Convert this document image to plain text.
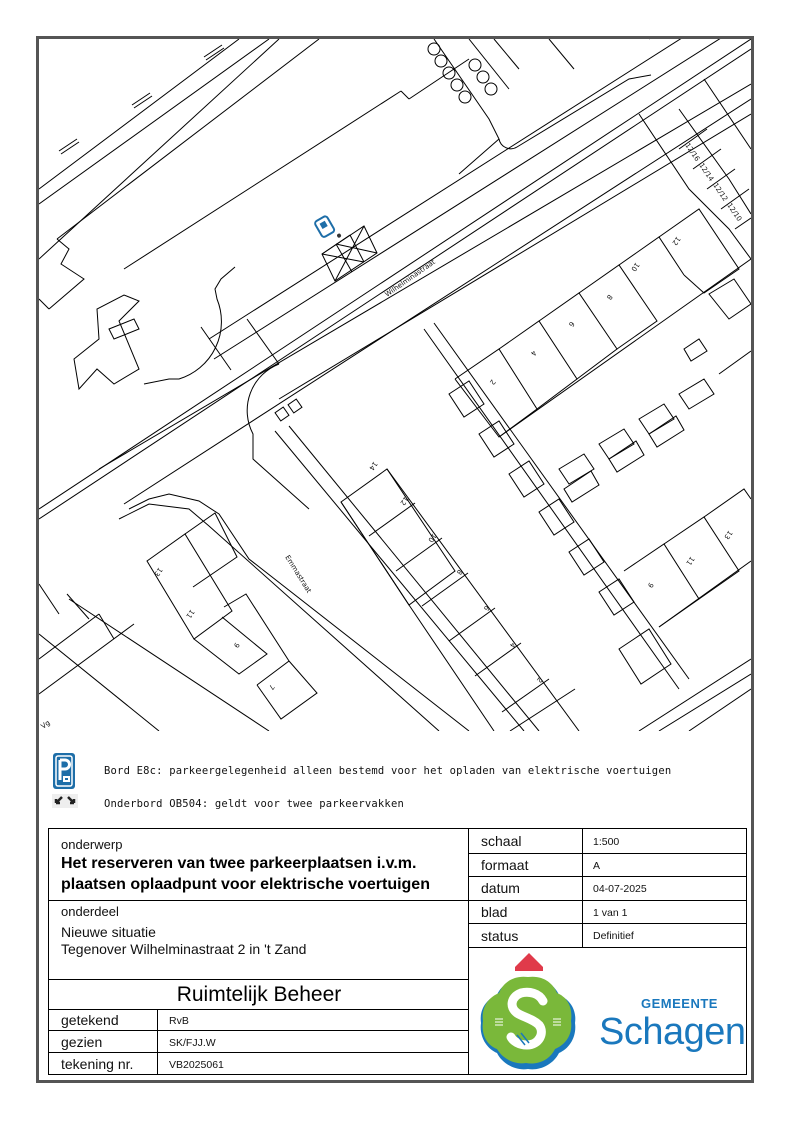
Wilhelminastraat
Emmastraat
Vg
2
4
6
8
10
12
14
12
10
8
6
4
2
13
11
9
7
9
11
13
12/16
12/14
12/12
12/10
Bord E8c: parkeergelegenheid alleen bestemd voor het opladen van elektrische voertuigen
Onderbord OB504: geldt voor twee parkeervakken
onderwerp
Het reserveren van twee parkeerplaatsen i.v.m.
plaatsen oplaadpunt voor elektrische voertuigen
onderdeel
Nieuwe situatie
Tegenover Wilhelminastraat 2 in 't Zand
Ruimtelijk Beheer
getekend	RvB
gezien	SK/FJJ.W
tekening nr.	VB2025061
schaal	1:500
formaat	A
datum	04-07-2025
blad	1 van 1
status	Definitief
GEMEENTE
Schagen
